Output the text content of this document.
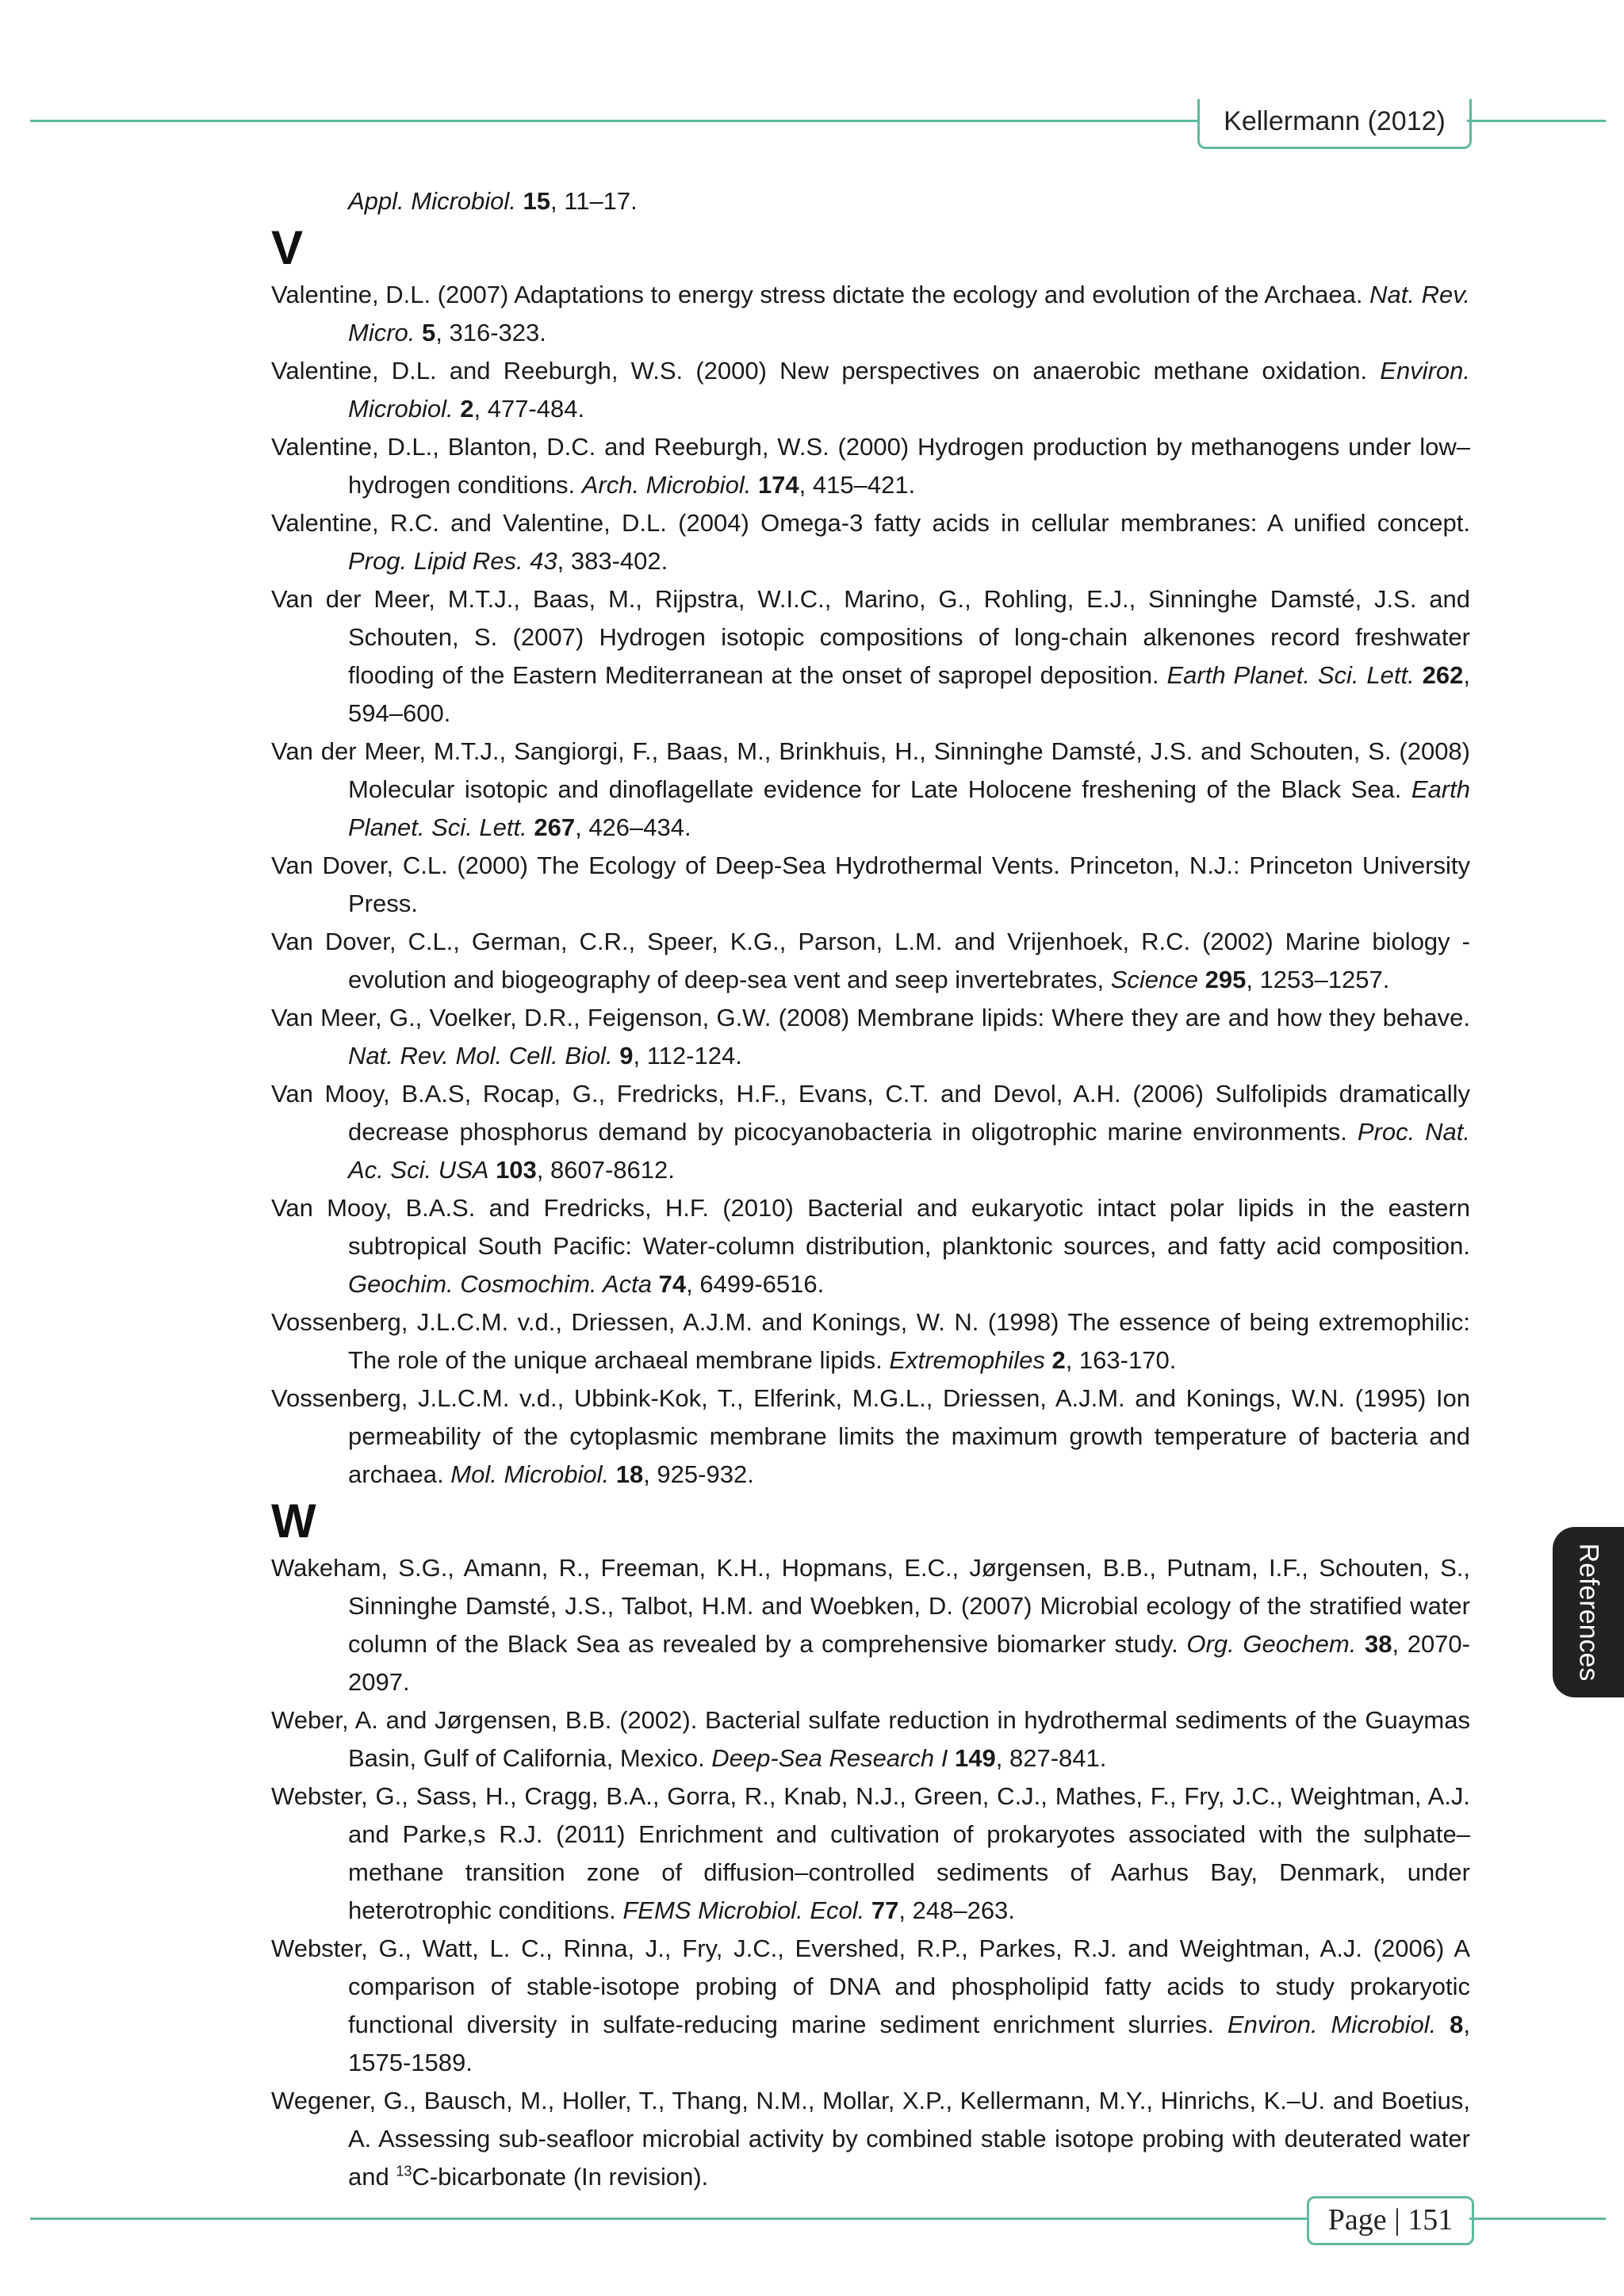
Kellermann (2012)

Appl. Microbiol. 15, 11–17.

V

Valentine, D.L. (2007) Adaptations to energy stress dictate the ecology and evolution of the Archaea. Nat. Rev. Micro. 5, 316-323.

Valentine, D.L. and Reeburgh, W.S. (2000) New perspectives on anaerobic methane oxidation. Environ. Microbiol. 2, 477-484.

Valentine, D.L., Blanton, D.C. and Reeburgh, W.S. (2000) Hydrogen production by methanogens under low–hydrogen conditions. Arch. Microbiol. 174, 415–421.

Valentine, R.C. and Valentine, D.L. (2004) Omega-3 fatty acids in cellular membranes: A unified concept. Prog. Lipid Res. 43, 383-402.

Van der Meer, M.T.J., Baas, M., Rijpstra, W.I.C., Marino, G., Rohling, E.J., Sinninghe Damsté, J.S. and Schouten, S. (2007) Hydrogen isotopic compositions of long-chain alkenones record freshwater flooding of the Eastern Mediterranean at the onset of sapropel deposition. Earth Planet. Sci. Lett. 262, 594–600.

Van der Meer, M.T.J., Sangiorgi, F., Baas, M., Brinkhuis, H., Sinninghe Damsté, J.S. and Schouten, S. (2008) Molecular isotopic and dinoflagellate evidence for Late Holocene freshening of the Black Sea. Earth Planet. Sci. Lett. 267, 426–434.

Van Dover, C.L. (2000) The Ecology of Deep-Sea Hydrothermal Vents. Princeton, N.J.: Princeton University Press.

Van Dover, C.L., German, C.R., Speer, K.G., Parson, L.M. and Vrijenhoek, R.C. (2002) Marine biology - evolution and biogeography of deep-sea vent and seep invertebrates, Science 295, 1253–1257.

Van Meer, G., Voelker, D.R., Feigenson, G.W. (2008) Membrane lipids: Where they are and how they behave. Nat. Rev. Mol. Cell. Biol. 9, 112-124.

Van Mooy, B.A.S, Rocap, G., Fredricks, H.F., Evans, C.T. and Devol, A.H. (2006) Sulfolipids dramatically decrease phosphorus demand by picocyanobacteria in oligotrophic marine environments. Proc. Nat. Ac. Sci. USA 103, 8607-8612.

Van Mooy, B.A.S. and Fredricks, H.F. (2010) Bacterial and eukaryotic intact polar lipids in the eastern subtropical South Pacific: Water-column distribution, planktonic sources, and fatty acid composition. Geochim. Cosmochim. Acta 74, 6499-6516.

Vossenberg, J.L.C.M. v.d., Driessen, A.J.M. and Konings, W. N. (1998) The essence of being extremophilic: The role of the unique archaeal membrane lipids. Extremophiles 2, 163-170.

Vossenberg, J.L.C.M. v.d., Ubbink-Kok, T., Elferink, M.G.L., Driessen, A.J.M. and Konings, W.N. (1995) Ion permeability of the cytoplasmic membrane limits the maximum growth temperature of bacteria and archaea. Mol. Microbiol. 18, 925-932.

W

Wakeham, S.G., Amann, R., Freeman, K.H., Hopmans, E.C., Jørgensen, B.B., Putnam, I.F., Schouten, S., Sinninghe Damsté, J.S., Talbot, H.M. and Woebken, D. (2007) Microbial ecology of the stratified water column of the Black Sea as revealed by a comprehensive biomarker study. Org. Geochem. 38, 2070-2097.

Weber, A. and Jørgensen, B.B. (2002). Bacterial sulfate reduction in hydrothermal sediments of the Guaymas Basin, Gulf of California, Mexico. Deep-Sea Research I 149, 827-841.

Webster, G., Sass, H., Cragg, B.A., Gorra, R., Knab, N.J., Green, C.J., Mathes, F., Fry, J.C., Weightman, A.J. and Parke,s R.J. (2011) Enrichment and cultivation of prokaryotes associated with the sulphate–methane transition zone of diffusion–controlled sediments of Aarhus Bay, Denmark, under heterotrophic conditions. FEMS Microbiol. Ecol. 77, 248–263.

Webster, G., Watt, L. C., Rinna, J., Fry, J.C., Evershed, R.P., Parkes, R.J. and Weightman, A.J. (2006) A comparison of stable-isotope probing of DNA and phospholipid fatty acids to study prokaryotic functional diversity in sulfate-reducing marine sediment enrichment slurries. Environ. Microbiol. 8, 1575-1589.

Wegener, G., Bausch, M., Holler, T., Thang, N.M., Mollar, X.P., Kellermann, M.Y., Hinrichs, K.–U. and Boetius, A. Assessing sub-seafloor microbial activity by combined stable isotope probing with deuterated water and $^{13}$C-bicarbonate (In revision).

References
Page | 151
